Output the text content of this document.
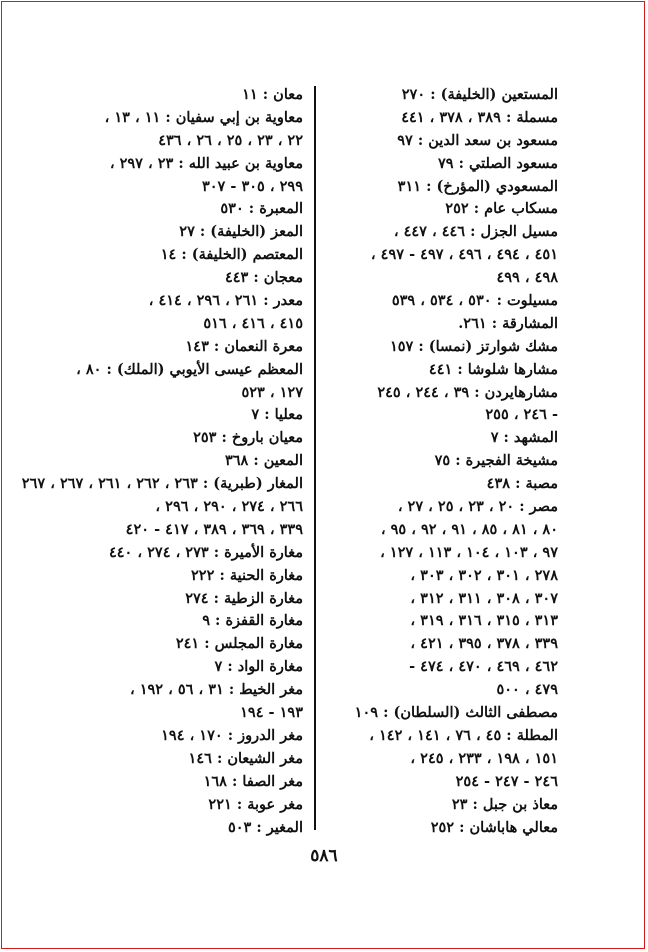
المستعين (الخليفة) : ٢٧٠
مسملة : ٣٨٩ ، ٣٧٨ ، ٤٤١
مسعود بن سعد الدين : ٩٧
مسعود الصلتي : ٧٩
المسعودي (المؤرخ) : ٣١١
مسكاب عام : ٢٥٢
مسيل الجزل : ٤٤٦ ، ٤٤٧ ،
٤٥١ ، ٤٩٤ ، ٤٩٦ ، ٤٩٧ - ٤٩٧ ،
٤٩٨ ، ٤٩٩
مسيلوت : ٥٣٠ ، ٥٣٤ ، ٥٣٩
المشارقة : ٢٦١.
مشك شوارتز (نمسا) : ١٥٧
مشارها شلوشا : ٤٤١
مشارهايردن : ٣٩ ، ٢٤٤ ، ٢٤٥
- ٢٤٦ ، ٢٥٥
المشهد : ٧
مشيخة الفجيرة : ٧٥
مصبة : ٤٣٨
مصر : ٢٠ ، ٢٣ ، ٢٥ ، ٢٧ ،
٨٠ ، ٨١ ، ٨٥ ، ٩١ ، ٩٢ ، ٩٥ ،
٩٧ ، ١٠٣ ، ١٠٤ ، ١١٣ ، ١٢٧ ،
٢٧٨ ، ٣٠١ ، ٣٠٢ ، ٣٠٣ ،
٣٠٧ ، ٣٠٨ ، ٣١١ ، ٣١٢ ،
٣١٣ ، ٣١٥ ، ٣١٦ ، ٣١٩ ،
٣٣٩ ، ٣٧٨ ، ٣٩٥ ، ٤٢١ ،
٤٦٢ ، ٤٦٩ ، ٤٧٠ ، ٤٧٤ -
٤٧٩ ، ٥٠٠
مصطفى الثالث (السلطان) : ١٠٩
المطلة : ٤٥ ، ٧٦ ، ١٤١ ، ١٤٢ ،
١٥١ ، ١٩٨ ، ٢٣٣ ، ٢٤٥ ،
٢٤٦ - ٢٤٧ - ٢٥٤
معاذ بن جبل : ٢٣
معالي هاباشان : ٢٥٢
معان : ١١
معاوية بن إبي سفيان : ١١ ، ١٣ ،
٢٢ ، ٢٣ ، ٢٥ ، ٢٦ ، ٤٣٦
معاوية بن عبيد الله : ٢٣ ، ٢٩٧ ،
٢٩٩ ، ٣٠٥ - ٣٠٧
المعبرة : ٥٣٠
المعز (الخليفة) : ٢٧
المعتصم (الخليفة) : ١٤
معجان : ٤٤٣
معدر : ٢٦١ ، ٢٩٦ ، ٤١٤ ،
٤١٥ ، ٤١٦ ، ٥١٦
معرة النعمان : ١٤٣
المعظم عيسى الأيوبي (الملك) : ٨٠ ،
١٢٧ ، ٥٢٣
معليا : ٧
معيان باروخ : ٢٥٣
المعين : ٣٦٨
المغار (طبرية) : ٢٦٣ ، ٢٦٢ ، ٢٦١ ، ٢٦٧ ، ٢٦٧
٢٦٦ ، ٢٧٤ ، ٢٩٠ ، ٢٩٦ ،
٣٣٩ ، ٣٦٩ ، ٣٨٩ ، ٤١٧ - ٤٢٠
مغارة الأميرة : ٢٧٣ ، ٢٧٤ ، ٤٤٠
مغارة الحنية : ٢٢٢
مغارة الزطية : ٢٧٤
مغارة القفزة : ٩
مغارة المجلس : ٢٤١
مغارة الواد : ٧
مغر الخيط : ٣١ ، ٥٦ ، ١٩٢ ،
١٩٣ - ١٩٤
مغر الدروز : ١٧٠ ، ١٩٤
مغر الشيعان : ١٤٦
مغر الصفا : ١٦٨
مغر عوبة : ٢٢١
المغير : ٥٠٣
٥٨٦
